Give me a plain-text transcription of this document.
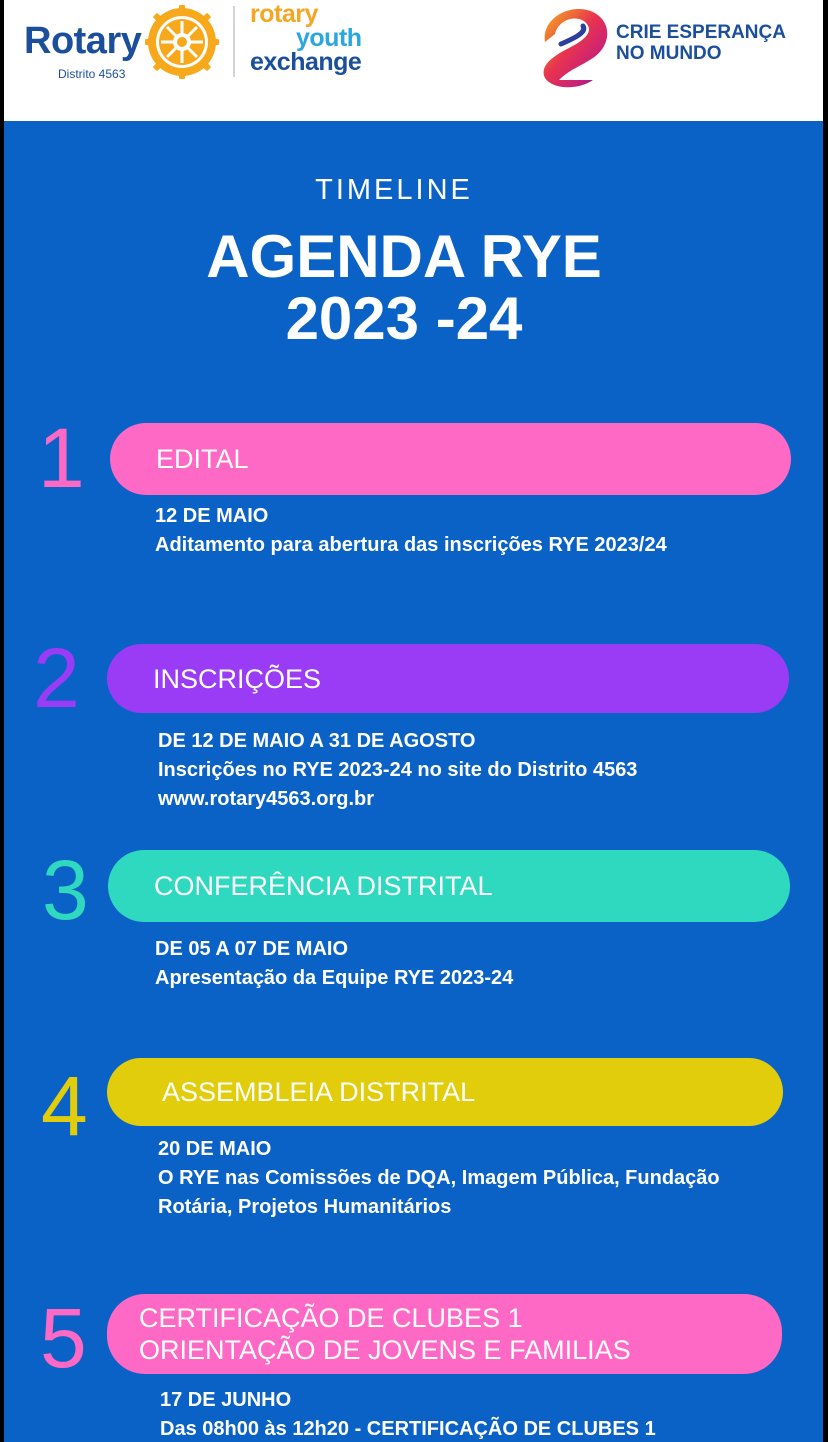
Rotary
Distrito 4563
rotary
youth
exchange
CRIE ESPERANÇA
NO MUNDO
TIMELINE
AGENDA RYE
2023 -24
1	EDITAL
12 DE MAIO
Aditamento para abertura das inscrições RYE 2023/24
2	INSCRIÇÕES
DE 12 DE MAIO A 31 DE AGOSTO
Inscrições no RYE 2023-24 no site do Distrito 4563
www.rotary4563.org.br
3 CONFERÊNCIA DISTRITAL
DE 05 A 07 DE MAIO
Apresentação da Equipe RYE 2023-24
4	ASSEMBLEIA DISTRITAL
20 DE MAIO
O RYE nas Comissões de DQA, Imagem Pública, Fundação
Rotária, Projetos Humanitários
5 CERTIFICAÇÃO DE CLUBES 1
ORIENTAÇÃO DE JOVENS E FAMILIAS
17 DE JUNHO
Das 08h00 às 12h20 - CERTIFICAÇÃO DE CLUBES 1
